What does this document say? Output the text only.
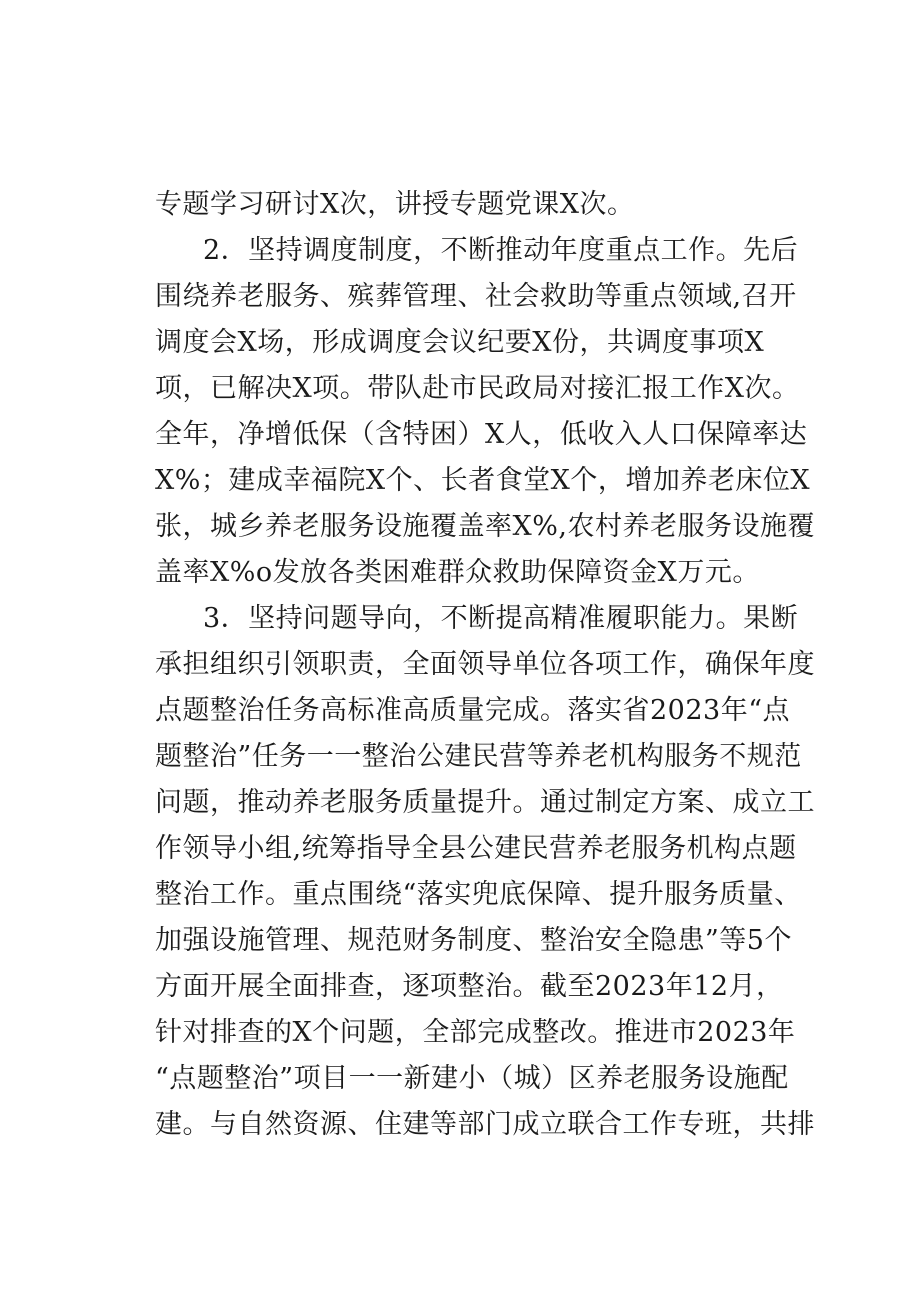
专题学习研讨X次，讲授专题党课X次。
2．坚持调度制度，不断推动年度重点工作。先后
围绕养老服务、殡葬管理、社会救助等重点领域,召开
调度会X场，形成调度会议纪要X份，共调度事项X
项，已解决X项。带队赴市民政局对接汇报工作X次。
全年，净增低保（含特困）X人，低收入人口保障率达
X%；建成幸福院X个、长者食堂X个，增加养老床位X
张，城乡养老服务设施覆盖率X%,农村养老服务设施覆
盖率X%o发放各类困难群众救助保障资金X万元。
3．坚持问题导向，不断提高精准履职能力。果断
承担组织引领职责，全面领导单位各项工作，确保年度
点题整治任务高标准高质量完成。落实省2023年“点
题整治”任务一一整治公建民营等养老机构服务不规范
问题，推动养老服务质量提升。通过制定方案、成立工
作领导小组,统筹指导全县公建民营养老服务机构点题
整治工作。重点围绕“落实兜底保障、提升服务质量、
加强设施管理、规范财务制度、整治安全隐患”等5个
方面开展全面排查，逐项整治。截至2023年12月，
针对排查的X个问题，全部完成整改。推进市2023年
“点题整治”项目一一新建小（城）区养老服务设施配
建。与自然资源、住建等部门成立联合工作专班，共排
